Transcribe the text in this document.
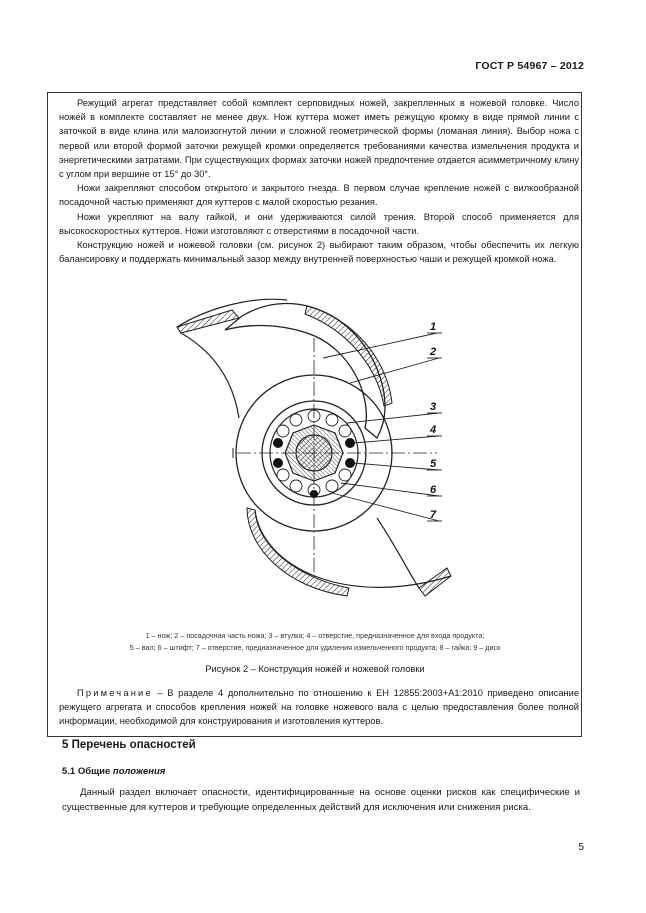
ГОСТ Р 54967 – 2012

Режущий агрегат представляет собой комплект серповидных ножей, закрепленных в ножевой головке. Число ножей в комплекте составляет не менее двух. Нож куттера может иметь режущую кромку в виде прямой линии с заточкой в виде клина или малоизогнутой линии и сложной геометрической формы (ломаная линия). Выбор ножа с первой или второй формой заточки режущей кромки определяется требованиями качества измельчения продукта и энергетическими затратами. При существующих формах заточки ножей предпочтение отдается асимметричному клину с углом при вершине от 15° до 30°.

Ножи закрепляют способом открытого и закрытого гнезда. В первом случае крепление ножей с вилкообразной посадочной частью применяют для куттеров с малой скоростью резания.

Ножи укрепляют на валу гайкой, и они удерживаются силой трения. Второй способ применяется для высокоскоростных куттеров. Ножи изготовляют с отверстиями в посадочной части.

Конструкцию ножей и ножевой головки (см. рисунок 2) выбирают таким образом, чтобы обеспечить их легкую балансировку и поддержать минимальный зазор между внутренней поверхностью чаши и режущей кромкой ножа.

1
2
3
4
5
6
7
1 – нож; 2 – посадочная часть ножа; 3 – втулка; 4 – отверстие, предназначенное для входа продукта;
5 – вал; 6 – штифт; 7 – отверстие, предназначенное для удаления измельченного продукта; 8 – гайка; 9 – диск
Рисунок 2 – Конструкция ножей и ножевой головки
Примечание – В разделе 4 дополнительно по отношению к ЕН 12855:2003+А1:2010 приведено описание режущего агрегата и способов крепления ножей на головке ножевого вала с целью предоставления более полной информации, необходимой для конструирования и изготовления куттеров.
5 Перечень опасностей
5.1 Общие положения

Данный раздел включает опасности, идентифицированные на основе оценки рисков как специфические и существенные для куттеров и требующие определенных действий для исключения или снижения риска.

5
